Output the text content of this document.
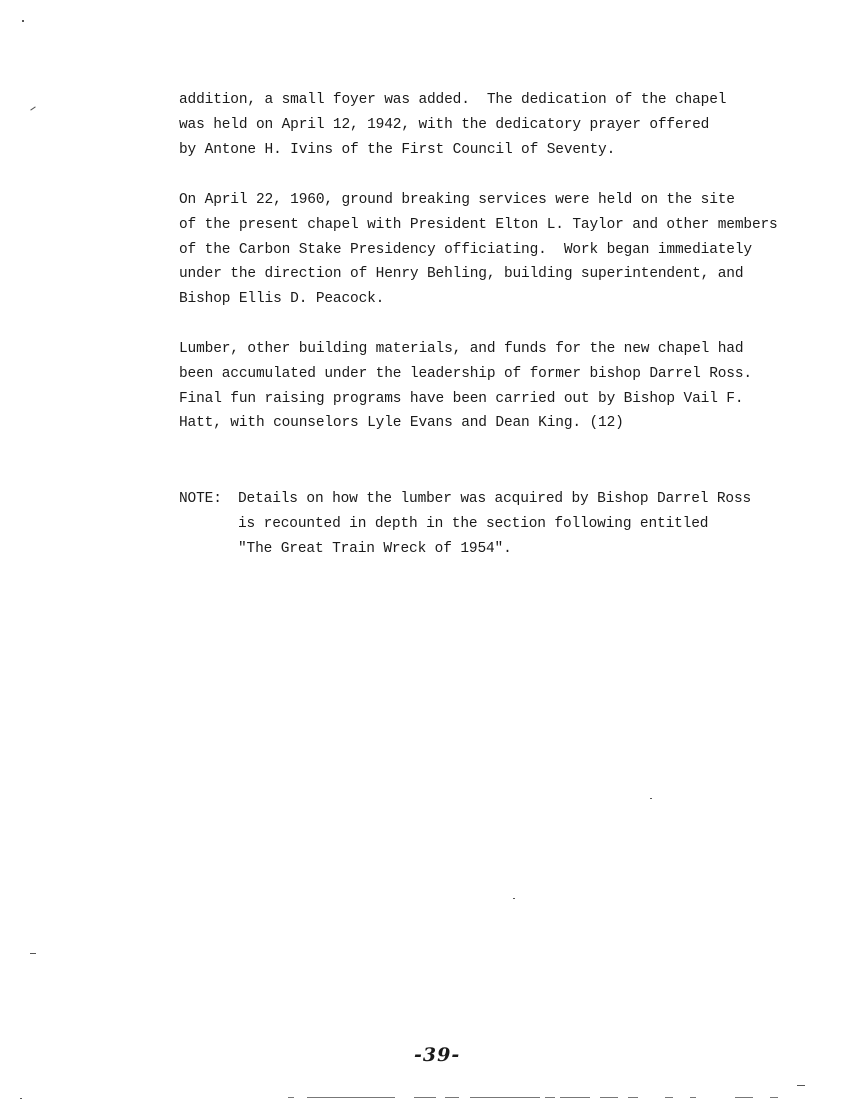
addition, a small foyer was added.  The dedication of the chapel
was held on April 12, 1942, with the dedicatory prayer offered
by Antone H. Ivins of the First Council of Seventy.

On April 22, 1960, ground breaking services were held on the site
of the present chapel with President Elton L. Taylor and other members
of the Carbon Stake Presidency officiating.  Work began immediately
under the direction of Henry Behling, building superintendent, and
Bishop Ellis D. Peacock.

Lumber, other building materials, and funds for the new chapel had
been accumulated under the leadership of former bishop Darrel Ross.
Final fun raising programs have been carried out by Bishop Vail F.
Hatt, with counselors Lyle Evans and Dean King. (12)

NOTE: Details on how the lumber was acquired by Bishop Darrel Ross
is recounted in depth in the section following entitled
"The Great Train Wreck of 1954".
-39-
